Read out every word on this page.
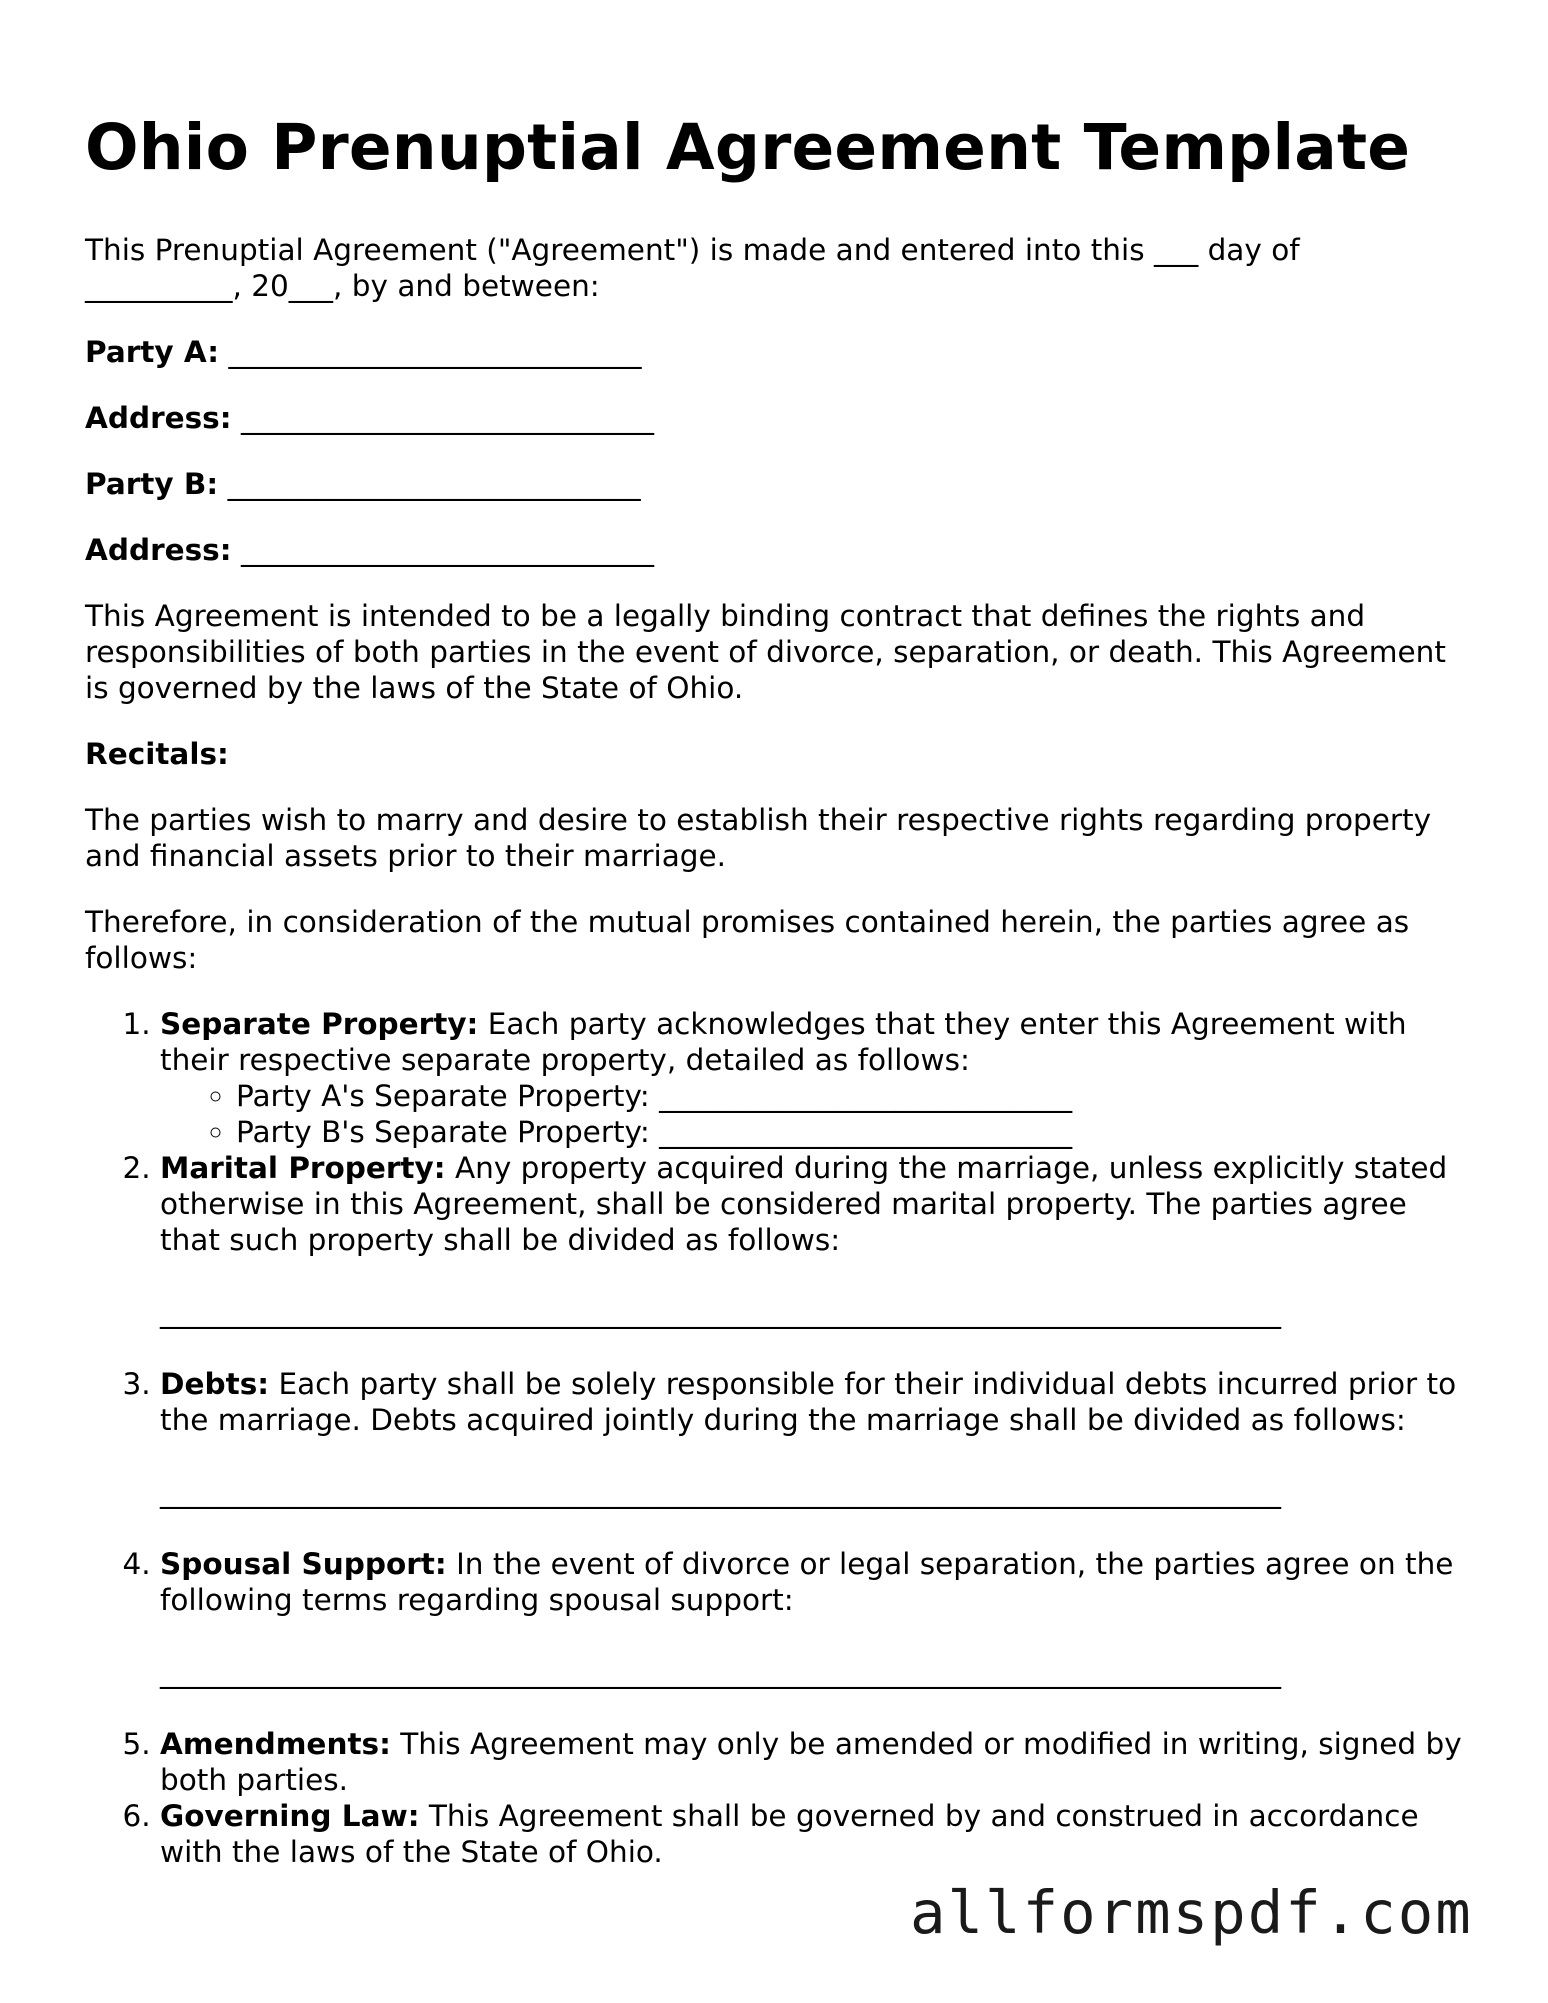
Ohio Prenuptial Agreement Template

This Prenuptial Agreement ("Agreement") is made and entered into this ___ day of __________, 20___, by and between:

Party A: ____________________________
Address: ____________________________
Party B: ____________________________
Address: ____________________________

This Agreement is intended to be a legally binding contract that defines the rights and responsibilities of both parties in the event of divorce, separation, or death. This Agreement is governed by the laws of the State of Ohio.

Recitals:

The parties wish to marry and desire to establish their respective rights regarding property and financial assets prior to their marriage.

Therefore, in consideration of the mutual promises contained herein, the parties agree as follows:

1. Separate Property: Each party acknowledges that they enter this Agreement with their respective separate property, detailed as follows:
◦ Party A's Separate Property: ____________________________
◦ Party B's Separate Property: ____________________________
2. Marital Property: Any property acquired during the marriage, unless explicitly stated otherwise in this Agreement, shall be considered marital property. The parties agree that such property shall be divided as follows:
____________________________________________________________________________
3. Debts: Each party shall be solely responsible for their individual debts incurred prior to the marriage. Debts acquired jointly during the marriage shall be divided as follows:
____________________________________________________________________________
4. Spousal Support: In the event of divorce or legal separation, the parties agree on the following terms regarding spousal support:
____________________________________________________________________________
5. Amendments: This Agreement may only be amended or modified in writing, signed by both parties.
6. Governing Law: This Agreement shall be governed by and construed in accordance with the laws of the State of Ohio.
allformspdf.com
